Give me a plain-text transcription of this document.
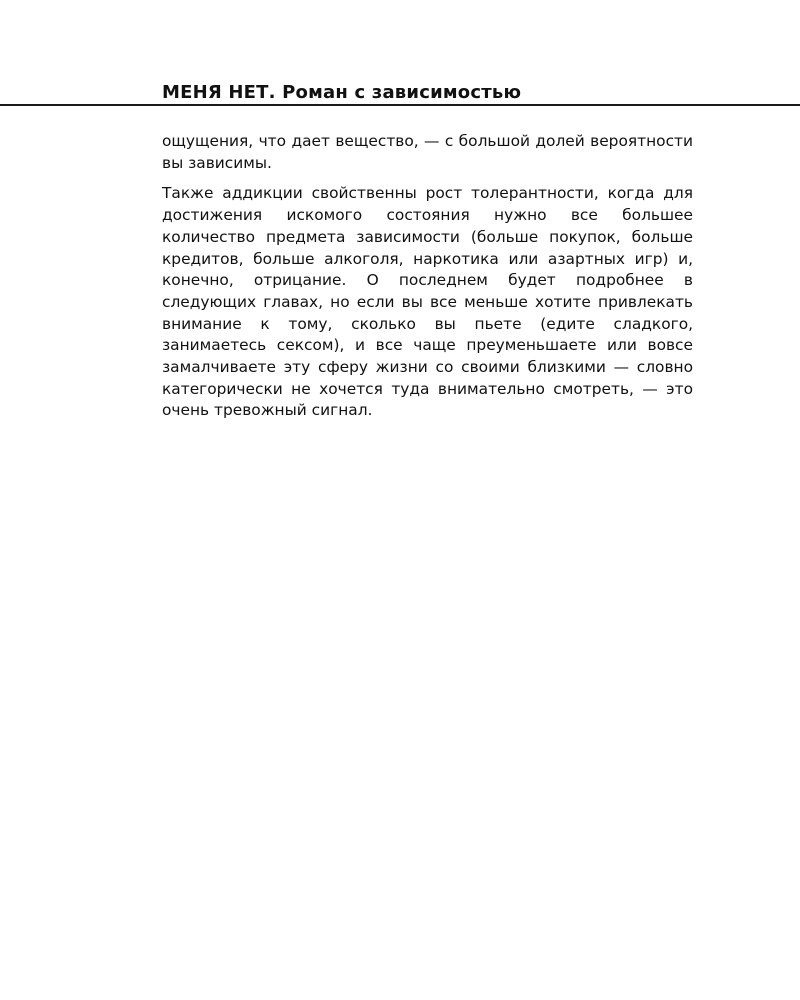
МЕНЯ НЕТ. Роман с зависимостью

ощущения, что дает вещество, — с большой долей вероятности вы зависимы.

Также аддикции свойственны рост толерантности, когда для достижения искомого состояния нужно все большее количество предмета зависимости (больше покупок, больше кредитов, больше алкоголя, наркотика или азартных игр) и, конечно, отрицание. О последнем будет подробнее в следующих главах, но если вы все меньше хотите привлекать внимание к тому, сколько вы пьете (едите сладкого, занимаетесь сексом), и все чаще преуменьшаете или вовсе замалчиваете эту сферу жизни со своими близкими — словно категорически не хочется туда внимательно смотреть, — это очень тревожный сигнал.
